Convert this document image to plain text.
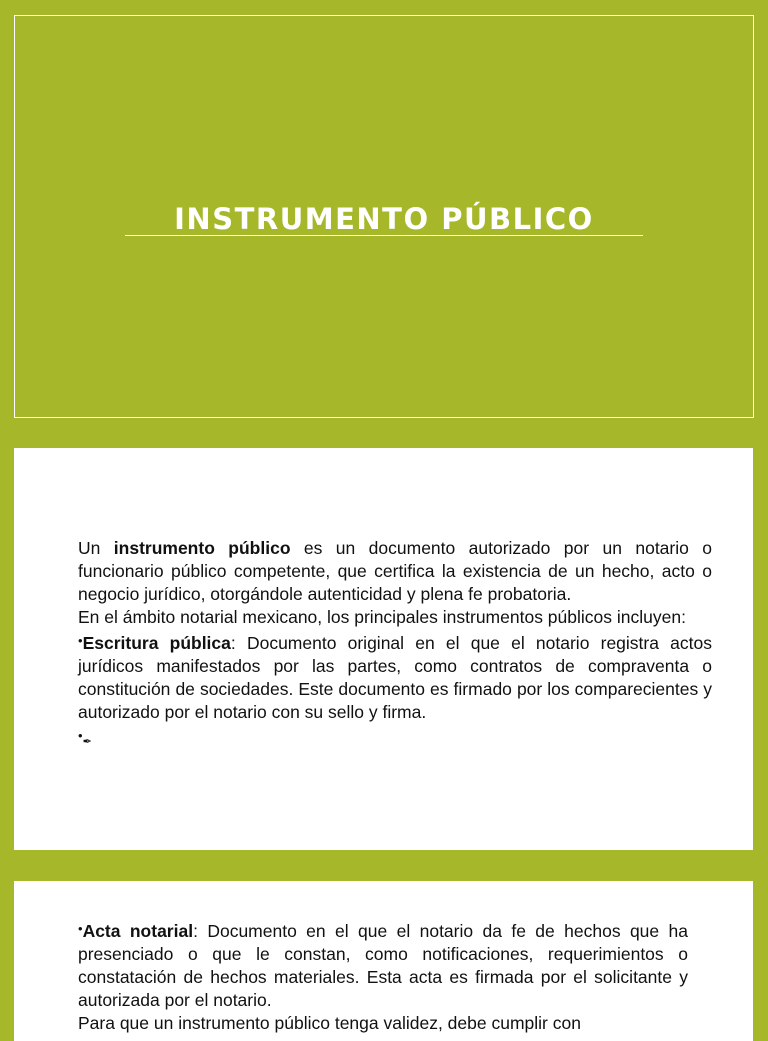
INSTRUMENTO PÚBLICO

Un instrumento público es un documento autorizado por un notario o funcionario público competente, que certifica la existencia de un hecho, acto o negocio jurídico, otorgándole autenticidad y plena fe probatoria.

En el ámbito notarial mexicano, los principales instrumentos públicos incluyen:

•Escritura pública: Documento original en el que el notario registra actos jurídicos manifestados por las partes, como contratos de compraventa o constitución de sociedades. Este documento es firmado por los comparecientes y autorizado por el notario con su sello y firma.

•✒

•Acta notarial: Documento en el que el notario da fe de hechos que ha presenciado o que le constan, como notificaciones, requerimientos o constatación de hechos materiales. Esta acta es firmada por el solicitante y autorizada por el notario.

Para que un instrumento público tenga validez, debe cumplir con
